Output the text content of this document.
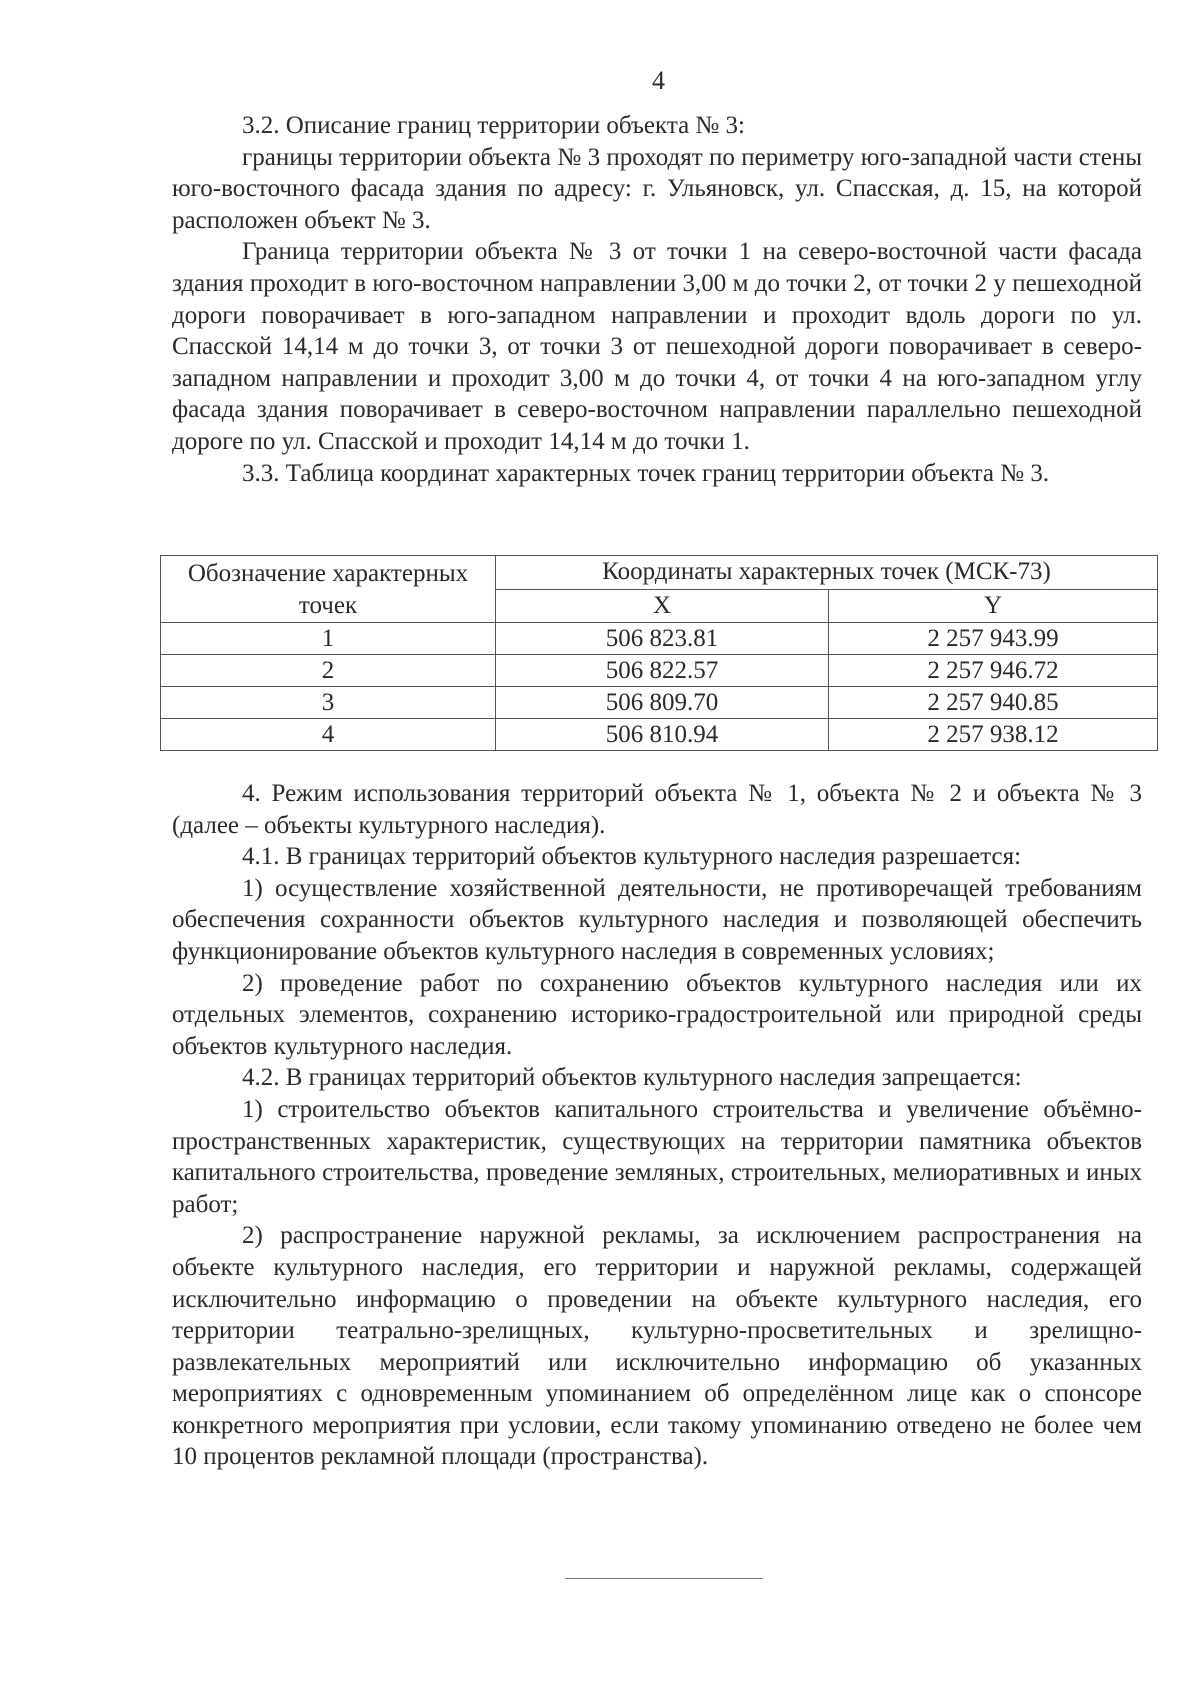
4

3.2. Описание границ территории объекта № 3:

границы территории объекта № 3 проходят по периметру юго-западной части стены юго-восточного фасада здания по адресу: г. Ульяновск, ул. Спасская, д. 15, на которой расположен объект № 3.

Граница территории объекта № 3 от точки 1 на северо-восточной части фасада здания проходит в юго-восточном направлении 3,00 м до точки 2, от точки 2 у пешеходной дороги поворачивает в юго-западном направлении и проходит вдоль дороги по ул. Спасской 14,14 м до точки 3, от точки 3 от пешеходной дороги поворачивает в северо-западном направлении и проходит 3,00 м до точки 4, от точки 4 на юго-западном углу фасада здания поворачивает в северо-восточном направлении параллельно пешеходной дороге по ул. Спасской и проходит 14,14 м до точки 1.

3.3. Таблица координат характерных точек границ территории объекта № 3.

Обозначение характерных точек	Координаты характерных точек (МСК-73)	
	X	Y
1	506 823.81	2 257 943.99
2	506 822.57	2 257 946.72
3	506 809.70	2 257 940.85
4	506 810.94	2 257 938.12

4. Режим использования территорий объекта № 1, объекта № 2 и объекта № 3 (далее – объекты культурного наследия).

4.1. В границах территорий объектов культурного наследия разрешается:

1) осуществление хозяйственной деятельности, не противоречащей требованиям обеспечения сохранности объектов культурного наследия и позволяющей обеспечить функционирование объектов культурного наследия в современных условиях;

2) проведение работ по сохранению объектов культурного наследия или их отдельных элементов, сохранению историко-градостроительной или природной среды объектов культурного наследия.

4.2. В границах территорий объектов культурного наследия запрещается:

1) строительство объектов капитального строительства и увеличение объёмно-пространственных характеристик, существующих на территории памятника объектов капитального строительства, проведение земляных, строительных, мелиоративных и иных работ;

2) распространение наружной рекламы, за исключением распространения на объекте культурного наследия, его территории и наружной рекламы, содержащей исключительно информацию о проведении на объекте культурного наследия, его территории театрально-зрелищных, культурно-просветительных и зрелищно-развлекательных мероприятий или исключительно информацию об указанных мероприятиях с одновременным упоминанием об определённом лице как о спонсоре конкретного мероприятия при условии, если такому упоминанию отведено не более чем 10 процентов рекламной площади (пространства).
